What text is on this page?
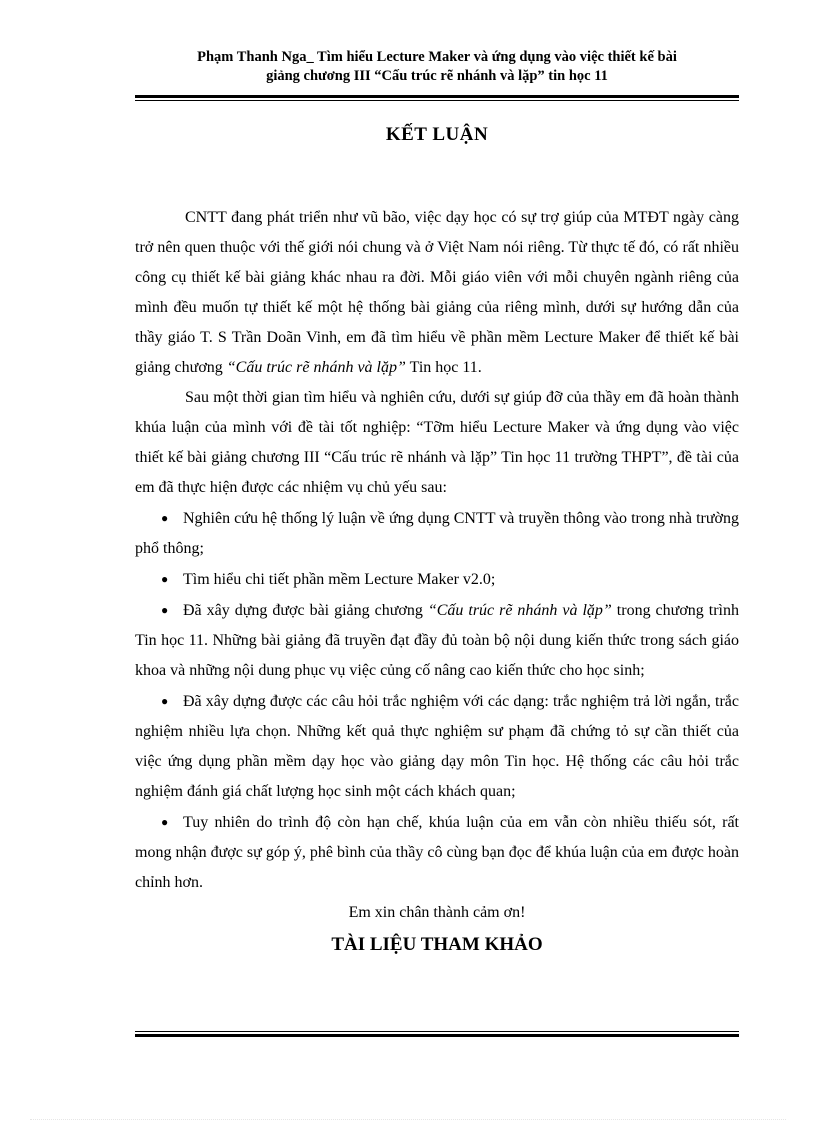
Phạm Thanh Nga_ Tìm hiểu Lecture Maker và ứng dụng vào việc thiết kế bài
giảng chương III “Cấu trúc rẽ nhánh và lặp” tin học 11
KẾT LUẬN

CNTT đang phát triển như vũ bão, việc dạy học có sự trợ giúp của MTĐT ngày càng trở nên quen thuộc với thế giới nói chung và ở Việt Nam nói riêng. Từ thực tế đó, có rất nhiều công cụ thiết kế bài giảng khác nhau ra đời. Mỗi giáo viên với mỗi chuyên ngành riêng của mình đều muốn tự thiết kế một hệ thống bài giảng của riêng mình, dưới sự hướng dẫn của thầy giáo T. S Trần Doãn Vinh, em đã tìm hiểu về phần mềm Lecture Maker để thiết kế bài giảng chương “Cấu trúc rẽ nhánh và lặp” Tin học 11.

Sau một thời gian tìm hiểu và nghiên cứu, dưới sự giúp đỡ của thầy em đã hoàn thành khúa luận của mình với đề tài tốt nghiệp: “Tỡm hiểu Lecture Maker và ứng dụng vào việc thiết kế bài giảng chương III “Cấu trúc rẽ nhánh và lặp” Tin học 11 trường THPT”, đề tài của em đã thực hiện được các nhiệm vụ chủ yếu sau:

● Nghiên cứu hệ thống lý luận về ứng dụng CNTT và truyền thông vào trong nhà trường phổ thông;
● Tìm hiểu chi tiết phần mềm Lecture Maker v2.0;
● Đã xây dựng được bài giảng chương “Cấu trúc rẽ nhánh và lặp” trong chương trình Tin học 11. Những bài giảng đã truyền đạt đầy đủ toàn bộ nội dung kiến thức trong sách giáo khoa và những nội dung phục vụ việc củng cố nâng cao kiến thức cho học sinh;
● Đã xây dựng được các câu hỏi trắc nghiệm với các dạng: trắc nghiệm trả lời ngắn, trắc nghiệm nhiều lựa chọn. Những kết quả thực nghiệm sư phạm đã chứng tỏ sự cần thiết của việc ứng dụng phần mềm dạy học vào giảng dạy môn Tin học. Hệ thống các câu hỏi trắc nghiệm đánh giá chất lượng học sinh một cách khách quan;
● Tuy nhiên do trình độ còn hạn chế, khúa luận của em vẫn còn nhiều thiếu sót, rất mong nhận được sự góp ý, phê bình của thầy cô cùng bạn đọc để khúa luận của em được hoàn chỉnh hơn.

Em xin chân thành cảm ơn!

TÀI LIỆU THAM KHẢO
